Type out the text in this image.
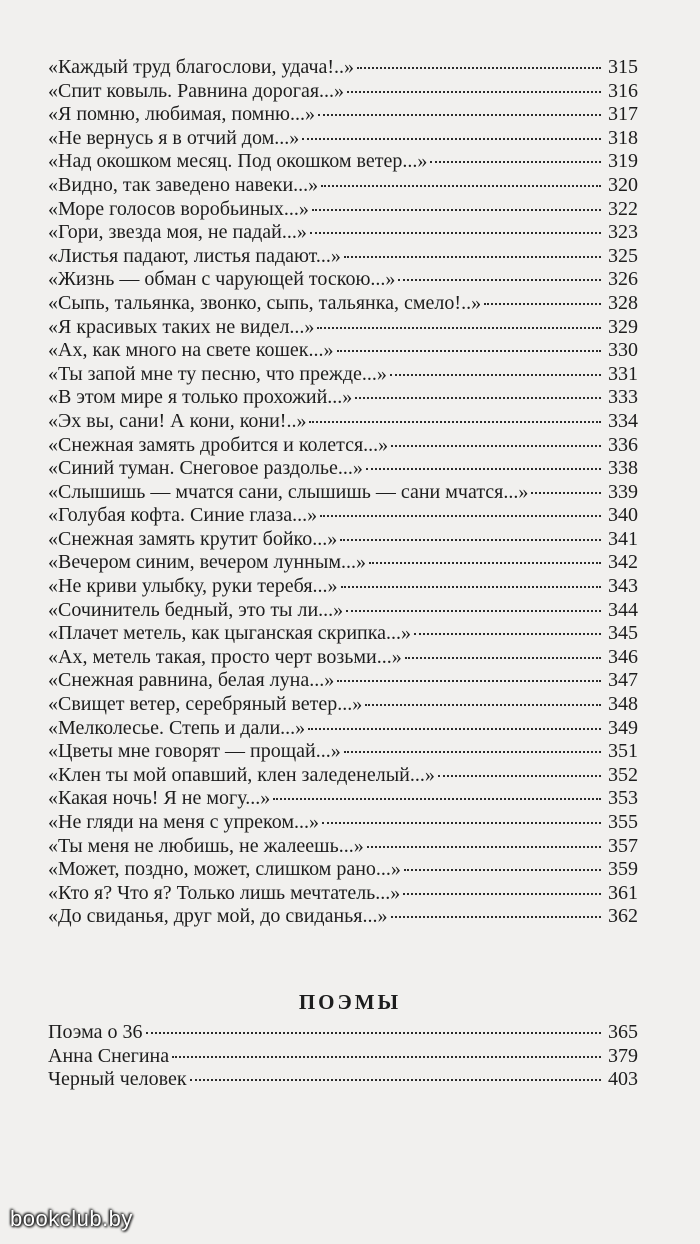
«Каждый труд благослови, удача!..»	315
«Спит ковыль. Равнина дорогая...»	316
«Я помню, любимая, помню...»	317
«Не вернусь я в отчий дом...»	318
«Над окошком месяц. Под окошком ветер...»	319
«Видно, так заведено навеки...»	320
«Море голосов воробьиных...»	322
«Гори, звезда моя, не падай...»	323
«Листья падают, листья падают...»	325
«Жизнь — обман с чарующей тоскою...»	326
«Сыпь, тальянка, звонко, сыпь, тальянка, смело!..»	328
«Я красивых таких не видел...»	329
«Ах, как много на свете кошек...»	330
«Ты запой мне ту песню, что прежде...»	331
«В этом мире я только прохожий...»	333
«Эх вы, сани! А кони, кони!..»	334
«Снежная замять дробится и колется...»	336
«Синий туман. Снеговое раздолье...»	338
«Слышишь — мчатся сани, слышишь — сани мчатся...»	339
«Голубая кофта. Синие глаза...»	340
«Снежная замять крутит бойко...»	341
«Вечером синим, вечером лунным...»	342
«Не криви улыбку, руки теребя...»	343
«Сочинитель бедный, это ты ли...»	344
«Плачет метель, как цыганская скрипка...»	345
«Ах, метель такая, просто черт возьми...»	346
«Снежная равнина, белая луна...»	347
«Свищет ветер, серебряный ветер...»	348
«Мелколесье. Степь и дали...»	349
«Цветы мне говорят — прощай...»	351
«Клен ты мой опавший, клен заледенелый...»	352
«Какая ночь! Я не могу...»	353
«Не гляди на меня с упреком...»	355
«Ты меня не любишь, не жалеешь...»	357
«Может, поздно, может, слишком рано...»	359
«Кто я? Что я? Только лишь мечтатель...»	361
«До свиданья, друг мой, до свиданья...»	362
ПОЭМЫ
Поэма о 36	365
Анна Снегина	379
Черный человек	403
bookclub.by
